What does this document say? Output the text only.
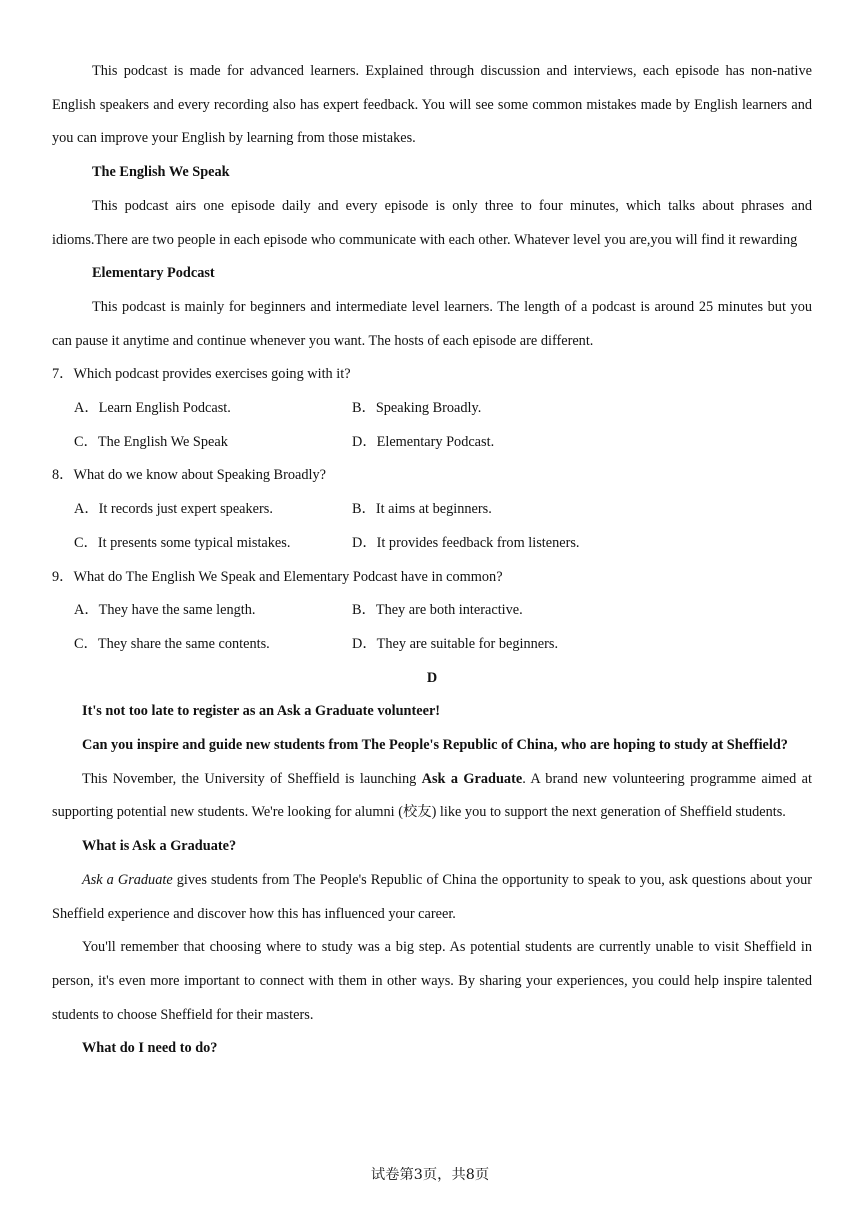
This podcast is made for advanced learners. Explained through discussion and interviews, each episode has non-native English speakers and every recording also has expert feedback. You will see some common mistakes made by English learners and you can improve your English by learning from those mistakes.

The English We Speak

This podcast airs one episode daily and every episode is only three to four minutes, which talks about phrases and idioms.There are two people in each episode who communicate with each other. Whatever level you are,you will find it rewarding

Elementary Podcast

This podcast is mainly for beginners and intermediate level learners. The length of a podcast is around 25 minutes but you can pause it anytime and continue whenever you want. The hosts of each episode are different.

7．Which podcast provides exercises going with it?
A．Learn English Podcast.	B．Speaking Broadly.
C．The English We Speak	D．Elementary Podcast.
8．What do we know about Speaking Broadly?
A．It records just expert speakers.	B．It aims at beginners.
C．It presents some typical mistakes.	D．It provides feedback from listeners.
9．What do The English We Speak and Elementary Podcast have in common?
A．They have the same length.	B．They are both interactive.
C．They share the same contents.	D．They are suitable for beginners.
D
It's not too late to register as an Ask a Graduate volunteer!

Can you inspire and guide new students from The People's Republic of China, who are hoping to study at Sheffield?

This November, the University of Sheffield is launching Ask a Graduate. A brand new volunteering programme aimed at supporting potential new students. We're looking for alumni (校友) like you to support the next generation of Sheffield students.

What is Ask a Graduate?

Ask a Graduate gives students from The People's Republic of China the opportunity to speak to you, ask questions about your Sheffield experience and discover how this has influenced your career.

You'll remember that choosing where to study was a big step. As potential students are currently unable to visit Sheffield in person, it's even more important to connect with them in other ways. By sharing your experiences, you could help inspire talented students to choose Sheffield for their masters.

What do I need to do?
试卷第3页，共8页
